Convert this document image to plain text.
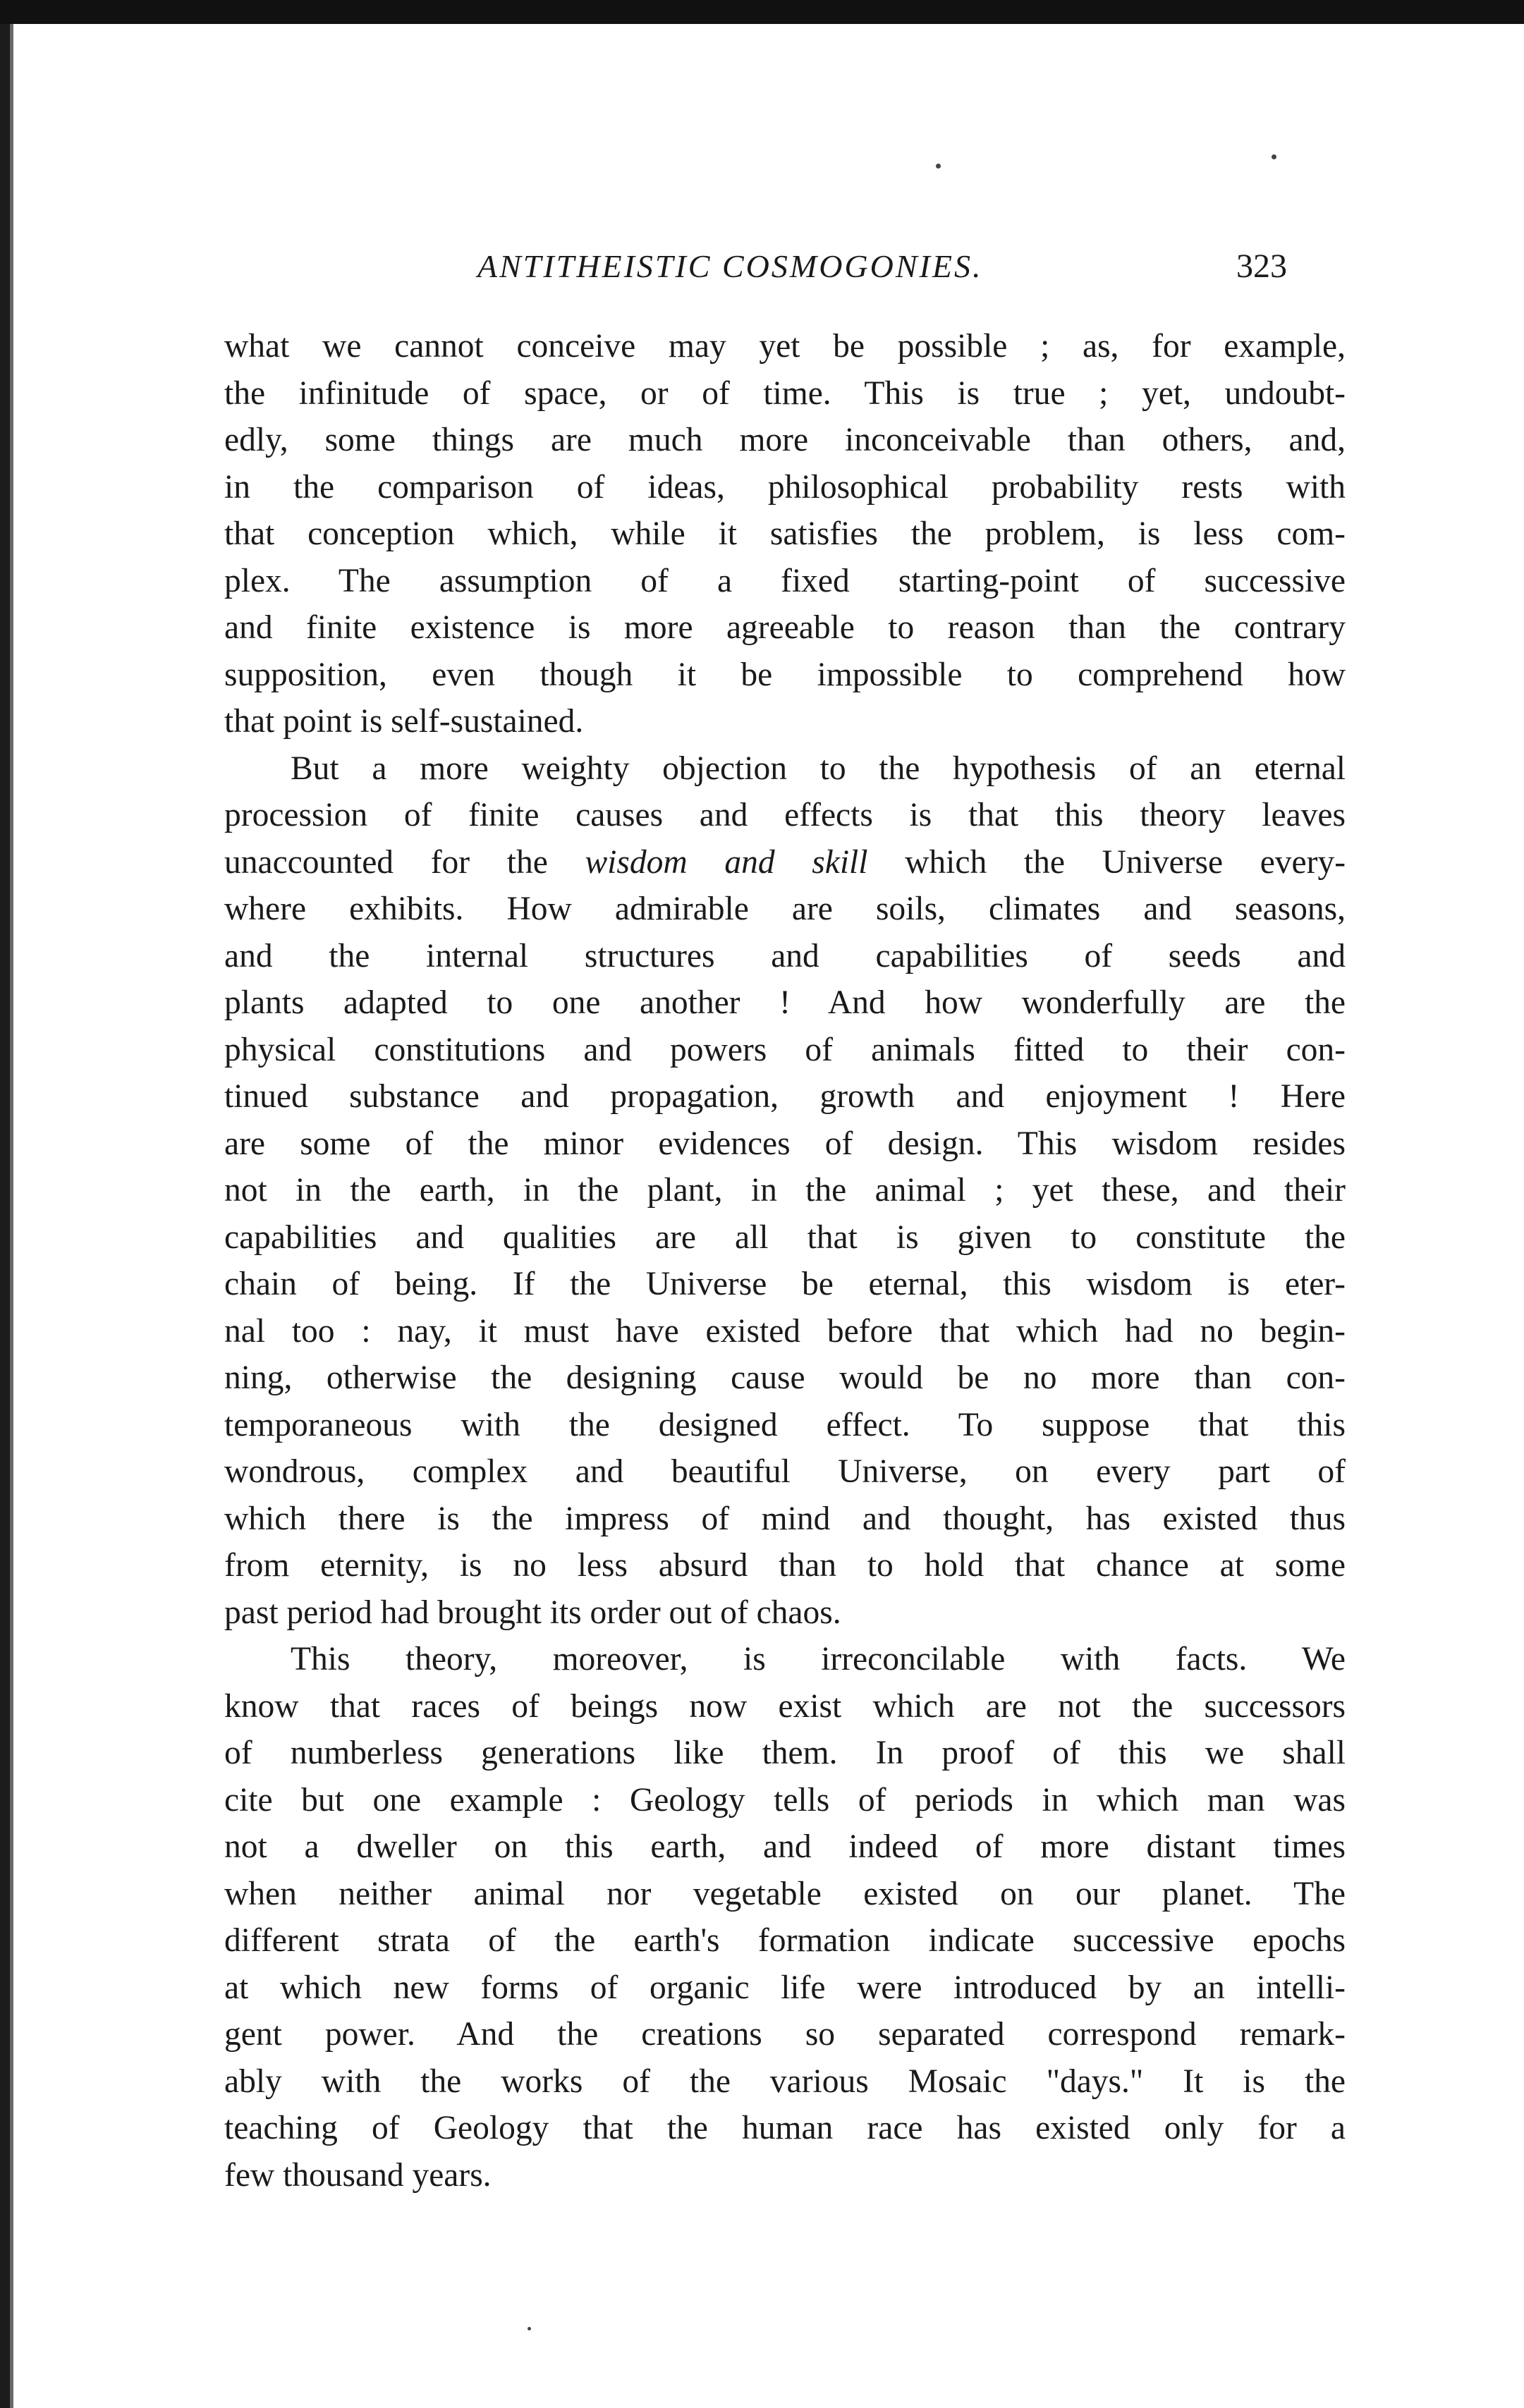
ANTITHEISTIC COSMOGONIES.	323
what we cannot conceive may yet be possible ; as, for example,
the infinitude of space, or of time. This is true ; yet, undoubt-
edly, some things are much more inconceivable than others, and,
in the comparison of ideas, philosophical probability rests with
that conception which, while it satisfies the problem, is less com-
plex. The assumption of a fixed starting-point of successive
and finite existence is more agreeable to reason than the contrary
supposition, even though it be impossible to comprehend how
that point is self-sustained.
But a more weighty objection to the hypothesis of an eternal
procession of finite causes and effects is that this theory leaves
unaccounted for the wisdom and skill which the Universe every-
where exhibits. How admirable are soils, climates and seasons,
and the internal structures and capabilities of seeds and
plants adapted to one another ! And how wonderfully are the
physical constitutions and powers of animals fitted to their con-
tinued substance and propagation, growth and enjoyment ! Here
are some of the minor evidences of design. This wisdom resides
not in the earth, in the plant, in the animal ; yet these, and their
capabilities and qualities are all that is given to constitute the
chain of being. If the Universe be eternal, this wisdom is eter-
nal too : nay, it must have existed before that which had no begin-
ning, otherwise the designing cause would be no more than con-
temporaneous with the designed effect. To suppose that this
wondrous, complex and beautiful Universe, on every part of
which there is the impress of mind and thought, has existed thus
from eternity, is no less absurd than to hold that chance at some
past period had brought its order out of chaos.
This theory, moreover, is irreconcilable with facts. We
know that races of beings now exist which are not the successors
of numberless generations like them. In proof of this we shall
cite but one example : Geology tells of periods in which man was
not a dweller on this earth, and indeed of more distant times
when neither animal nor vegetable existed on our planet. The
different strata of the earth's formation indicate successive epochs
at which new forms of organic life were introduced by an intelli-
gent power. And the creations so separated correspond remark-
ably with the works of the various Mosaic "days." It is the
teaching of Geology that the human race has existed only for a
few thousand years.
